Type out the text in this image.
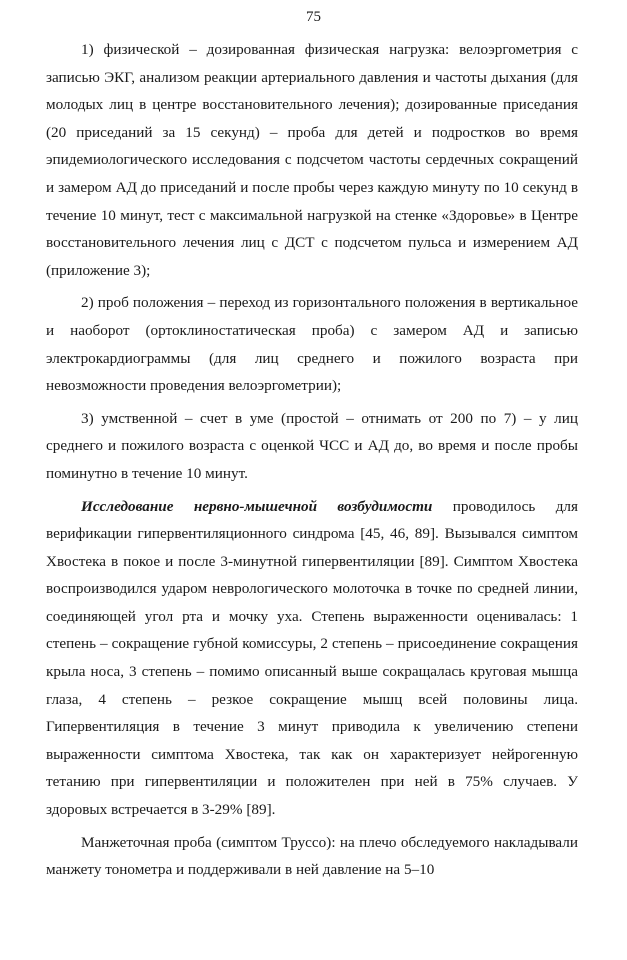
75

1) физической – дозированная физическая нагрузка: велоэргометрия с записью ЭКГ, анализом реакции артериального давления и частоты дыхания (для молодых лиц в центре восстановительного лечения); дозированные приседания (20 приседаний за 15 секунд) – проба для детей и подростков во время эпидемиологического исследования с подсчетом частоты сердечных сокращений и замером АД до приседаний и после пробы через каждую минуту по 10 секунд в течение 10 минут, тест с максимальной нагрузкой на стенке «Здоровье» в Центре восстановительного лечения лиц с ДСТ с подсчетом пульса и измерением АД (приложение 3);

2) проб положения – переход из горизонтального положения в вертикальное и наоборот (ортоклиностатическая проба) с замером АД и записью электрокардиограммы (для лиц среднего и пожилого возраста при невозможности проведения велоэргометрии);

3) умственной – счет в уме (простой – отнимать от 200 по 7) – у лиц среднего и пожилого возраста с оценкой ЧСС и АД до, во время и после пробы поминутно в течение 10 минут.

Исследование нервно-мышечной возбудимости проводилось для верификации гипервентиляционного синдрома [45, 46, 89]. Вызывался симптом Хвостека в покое и после 3-минутной гипервентиляции [89]. Симптом Хвостека воспроизводился ударом неврологического молоточка в точке по средней линии, соединяющей угол рта и мочку уха. Степень выраженности оценивалась: 1 степень – сокращение губной комиссуры, 2 степень – присоединение сокращения крыла носа, 3 степень – помимо описанный выше сокращалась круговая мышца глаза, 4 степень – резкое сокращение мышц всей половины лица. Гипервентиляция в течение 3 минут приводила к увеличению степени выраженности симптома Хвостека, так как он характеризует нейрогенную тетанию при гипервентиляции и положителен при ней в 75% случаев. У здоровых встречается в 3-29% [89].

Манжеточная проба (симптом Труссо): на плечо обследуемого накладывали манжету тонометра и поддерживали в ней давление на 5–10
